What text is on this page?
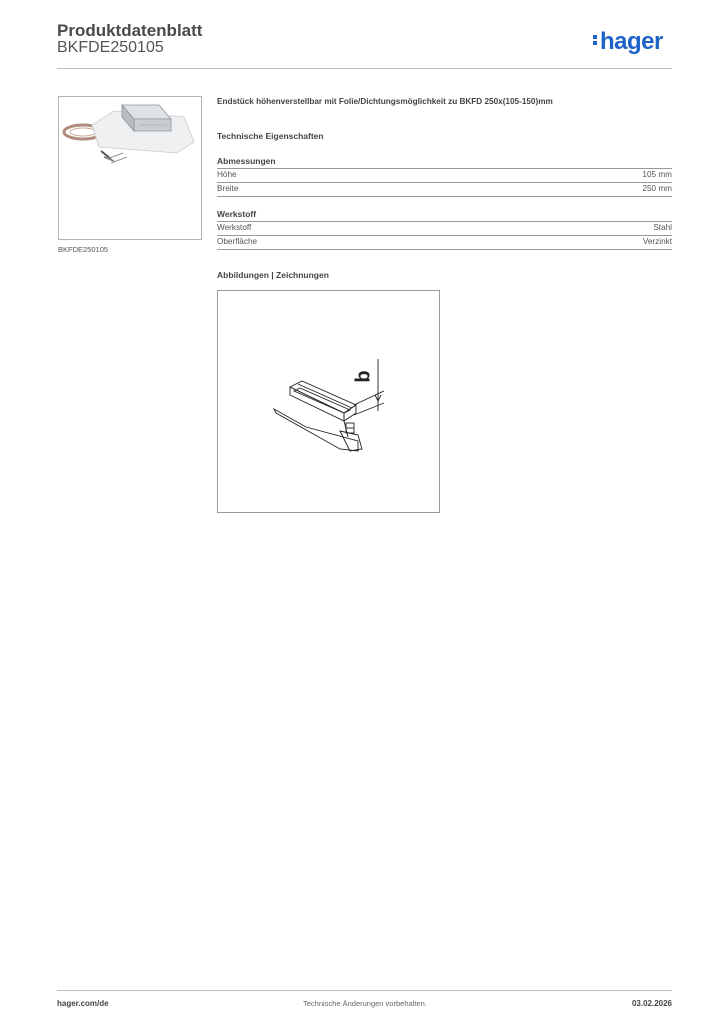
Produktdatenblatt
BKFDE250105	hager
BKFDE250105
Endstück höhenverstellbar mit Folie/Dichtungsmöglichkeit zu BKFD 250x(105-150)mm
Technische Eigenschaften
Abmessungen
Höhe	105 mm
Breite	250 mm
Werkstoff
Werkstoff	Stahl
Oberfläche	Verzinkt
Abbildungen | Zeichnungen
b
hager.com/de	Technische Änderungen vorbehalten.	03.02.2026
